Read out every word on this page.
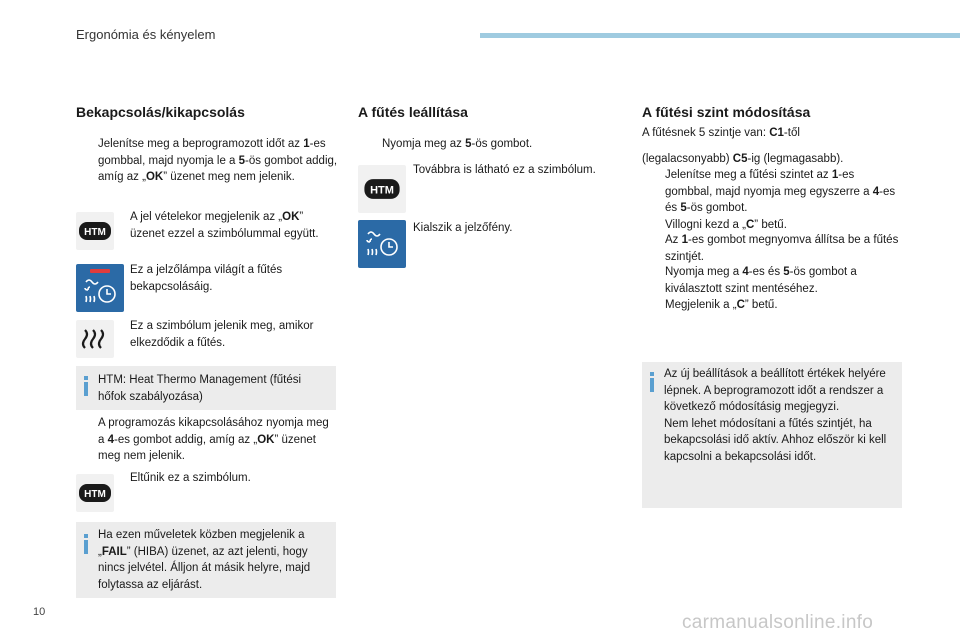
Ergonómia és kényelem
Bekapcsolás/kikapcsolás
Jelenítse meg a beprogramozott időt az 1-es gombbal, majd nyomja le a 5-ös gombot addig, amíg az „OK” üzenet meg nem jelenik.
HTM
A jel vételekor megjelenik az „OK” üzenet ezzel a szimbólummal együtt.
Ez a jelzőlámpa világít a fűtés bekapcsolásáig.
Ez a szimbólum jelenik meg, amikor elkezdődik a fűtés.
HTM: Heat Thermo Management (fűtési hőfok szabályozása)
A programozás kikapcsolásához nyomja meg a 4-es gombot addig, amíg az „OK” üzenet meg nem jelenik.
HTM
Eltűnik ez a szimbólum.
Ha ezen műveletek közben megjelenik a „FAIL” (HIBA) üzenet, az azt jelenti, hogy nincs jelvétel. Álljon át másik helyre, majd folytassa az eljárást.
A fűtés leállítása
Nyomja meg az 5-ös gombot.
HTM
Továbbra is látható ez a szimbólum.
Kialszik a jelzőfény.
A fűtési szint módosítása
A fűtésnek 5 szintje van: C1-től
(legalacsonyabb) C5-ig (legmagasabb).
Jelenítse meg a fűtési szintet az 1-es gombbal, majd nyomja meg egyszerre a 4-es és 5-ös gombot.
Villogni kezd a „C” betű.
Az 1-es gombot megnyomva állítsa be a fűtés szintjét.
Nyomja meg a 4-es és 5-ös gombot a kiválasztott szint mentéséhez.
Megjelenik a „C” betű.
Az új beállítások a beállított értékek helyére lépnek. A beprogramozott időt a rendszer a következő módosításig megjegyzi.
Nem lehet módosítani a fűtés szintjét, ha bekapcsolási idő aktív. Ahhoz először ki kell kapcsolni a bekapcsolási időt.
10	carmanualsonline.info
